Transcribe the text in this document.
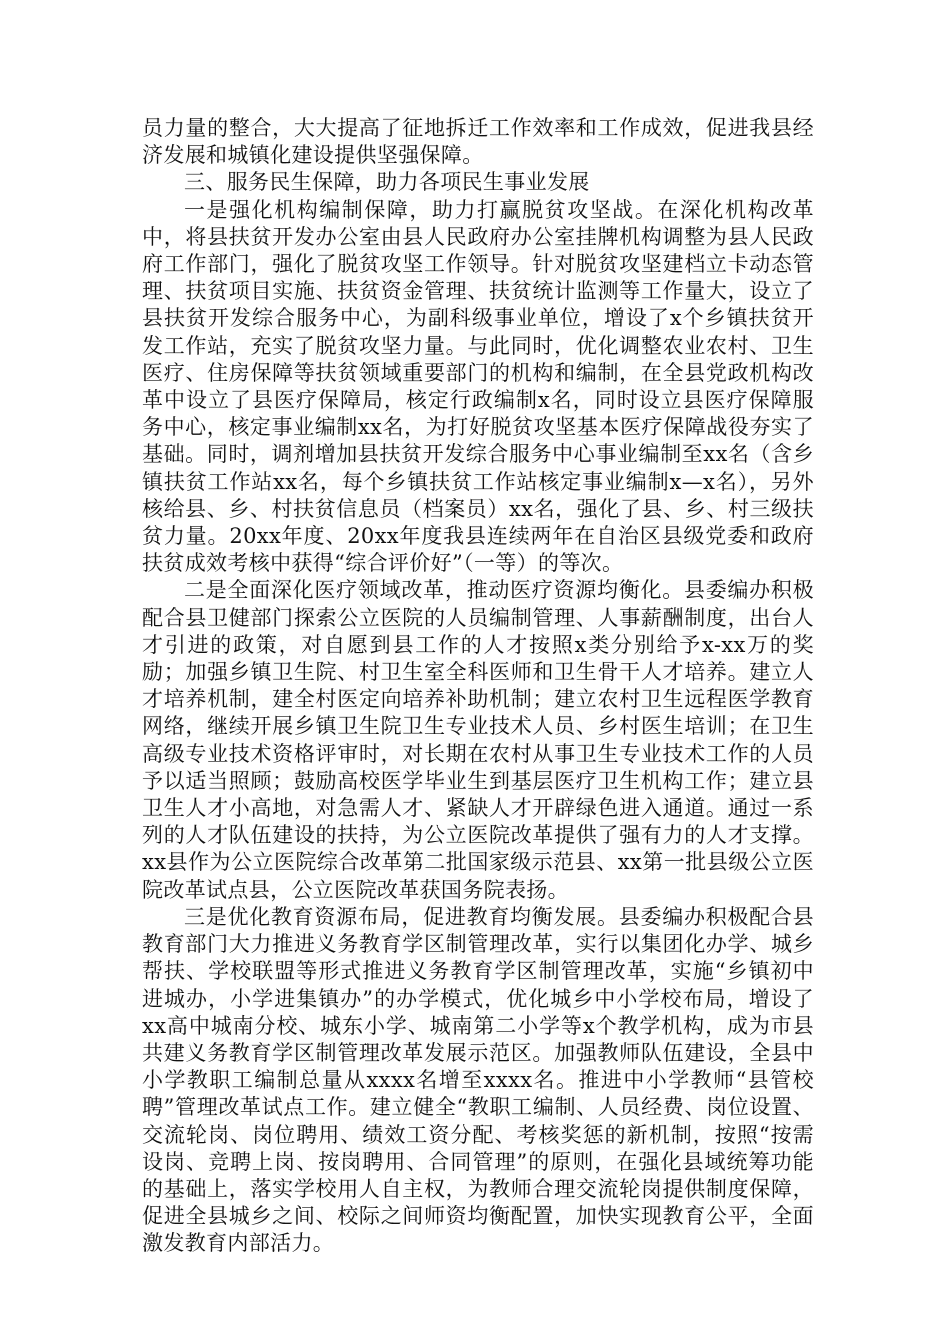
员力量的整合，大大提高了征地拆迁工作效率和工作成效，促进我县经济发展和城镇化建设提供坚强保障。

三、服务民生保障，助力各项民生事业发展

一是强化机构编制保障，助力打赢脱贫攻坚战。在深化机构改革中，将县扶贫开发办公室由县人民政府办公室挂牌机构调整为县人民政府工作部门，强化了脱贫攻坚工作领导。针对脱贫攻坚建档立卡动态管理、扶贫项目实施、扶贫资金管理、扶贫统计监测等工作量大，设立了县扶贫开发综合服务中心，为副科级事业单位，增设了x个乡镇扶贫开发工作站，充实了脱贫攻坚力量。与此同时，优化调整农业农村、卫生医疗、住房保障等扶贫领域重要部门的机构和编制，在全县党政机构改革中设立了县医疗保障局，核定行政编制x名，同时设立县医疗保障服务中心，核定事业编制xx名，为打好脱贫攻坚基本医疗保障战役夯实了基础。同时，调剂增加县扶贫开发综合服务中心事业编制至xx名（含乡镇扶贫工作站xx名，每个乡镇扶贫工作站核定事业编制x—x名），另外核给县、乡、村扶贫信息员（档案员）xx名，强化了县、乡、村三级扶贫力量。20xx年度、20xx年度我县连续两年在自治区县级党委和政府扶贫成效考核中获得“综合评价好”（一等）的等次。

二是全面深化医疗领域改革，推动医疗资源均衡化。县委编办积极配合县卫健部门探索公立医院的人员编制管理、人事薪酬制度，出台人才引进的政策，对自愿到县工作的人才按照x类分别给予x-xx万的奖励；加强乡镇卫生院、村卫生室全科医师和卫生骨干人才培养。建立人才培养机制，建全村医定向培养补助机制；建立农村卫生远程医学教育网络，继续开展乡镇卫生院卫生专业技术人员、乡村医生培训；在卫生高级专业技术资格评审时，对长期在农村从事卫生专业技术工作的人员予以适当照顾；鼓励高校医学毕业生到基层医疗卫生机构工作；建立县卫生人才小高地，对急需人才、紧缺人才开辟绿色进入通道。通过一系列的人才队伍建设的扶持，为公立医院改革提供了强有力的人才支撑。xx县作为公立医院综合改革第二批国家级示范县、xx第一批县级公立医院改革试点县，公立医院改革获国务院表扬。

三是优化教育资源布局，促进教育均衡发展。县委编办积极配合县教育部门大力推进义务教育学区制管理改革，实行以集团化办学、城乡帮扶、学校联盟等形式推进义务教育学区制管理改革，实施“乡镇初中进城办，小学进集镇办”的办学模式，优化城乡中小学校布局，增设了xx高中城南分校、城东小学、城南第二小学等x个教学机构，成为市县共建义务教育学区制管理改革发展示范区。加强教师队伍建设，全县中小学教职工编制总量从xxxx名增至xxxx名。推进中小学教师“县管校聘”管理改革试点工作。建立健全“教职工编制、人员经费、岗位设置、交流轮岗、岗位聘用、绩效工资分配、考核奖惩的新机制，按照“按需设岗、竞聘上岗、按岗聘用、合同管理”的原则，在强化县域统筹功能的基础上，落实学校用人自主权，为教师合理交流轮岗提供制度保障，促进全县城乡之间、校际之间师资均衡配置，加快实现教育公平，全面激发教育内部活力。
